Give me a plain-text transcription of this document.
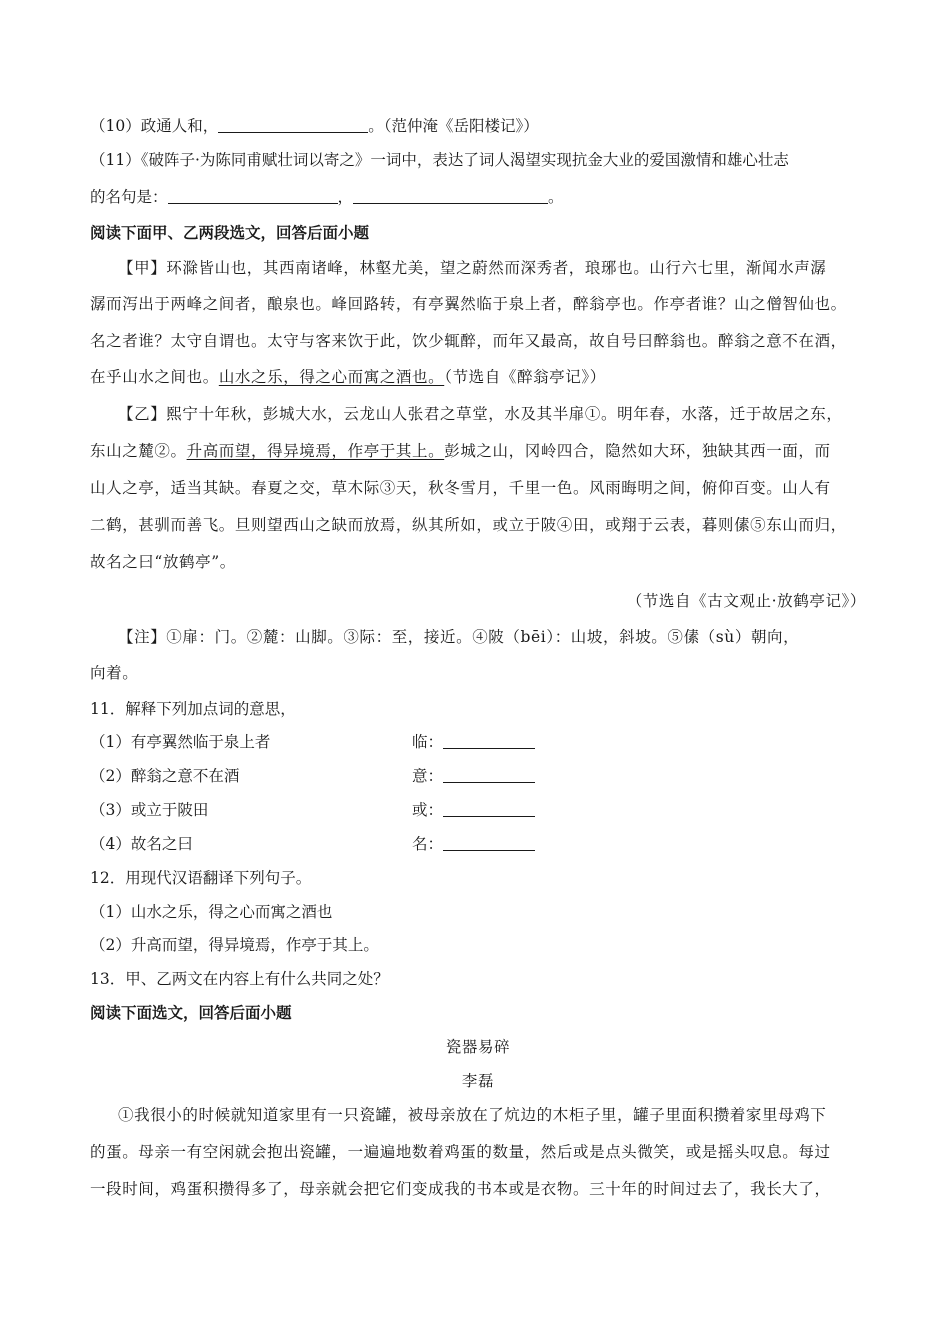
（10）政通人和，	。（范仲淹《岳阳楼记》）
（11）《破阵子·为陈同甫赋壮词以寄之》一词中，表达了词人渴望实现抗金大业的爱国激情和雄心壮志
的名句是：	，	。
阅读下面甲、乙两段选文，回答后面小题
【甲】环滁皆山也，其西南诸峰，林壑尤美，望之蔚然而深秀者，琅琊也。山行六七里，渐闻水声潺
潺而泻出于两峰之间者，酿泉也。峰回路转，有亭翼然临于泉上者，醉翁亭也。作亭者谁？山之僧智仙也。
名之者谁？太守自谓也。太守与客来饮于此，饮少辄醉，而年又最高，故自号曰醉翁也。醉翁之意不在酒，
在乎山水之间也。山水之乐，得之心而寓之酒也。（节选自《醉翁亭记》）
【乙】熙宁十年秋，彭城大水，云龙山人张君之草堂，水及其半扉①。明年春，水落，迁于故居之东，
东山之麓②。升高而望，得异境焉，作亭于其上。彭城之山，冈岭四合，隐然如大环，独缺其西一面，而
山人之亭，适当其缺。春夏之交，草木际③天，秋冬雪月，千里一色。风雨晦明之间，俯仰百变。山人有
二鹤，甚驯而善飞。旦则望西山之缺而放焉，纵其所如，或立于陂④田，或翔于云表，暮则傃⑤东山而归，
故名之曰“放鹤亭”。
（节选自《古文观止·放鹤亭记》）
【注】①扉：门。②麓：山脚。③际：至，接近。④陂（bēi）：山坡，斜坡。⑤傃（sù）朝向，
向着。
11．解释下列加点词的意思，
（1）有亭翼然临于泉上者	临：
（2）醉翁之意不在酒	意：
（3）或立于陂田	或：
（4）故名之曰	名：
12．用现代汉语翻译下列句子。
（1）山水之乐，得之心而寓之酒也
（2）升高而望，得异境焉，作亭于其上。
13．甲、乙两文在内容上有什么共同之处？
阅读下面选文，回答后面小题
瓷器易碎
李磊
①我很小的时候就知道家里有一只瓷罐，被母亲放在了炕边的木柜子里，罐子里面积攒着家里母鸡下
的蛋。母亲一有空闲就会抱出瓷罐，一遍遍地数着鸡蛋的数量，然后或是点头微笑，或是摇头叹息。每过
一段时间，鸡蛋积攒得多了，母亲就会把它们变成我的书本或是衣物。三十年的时间过去了，我长大了，
